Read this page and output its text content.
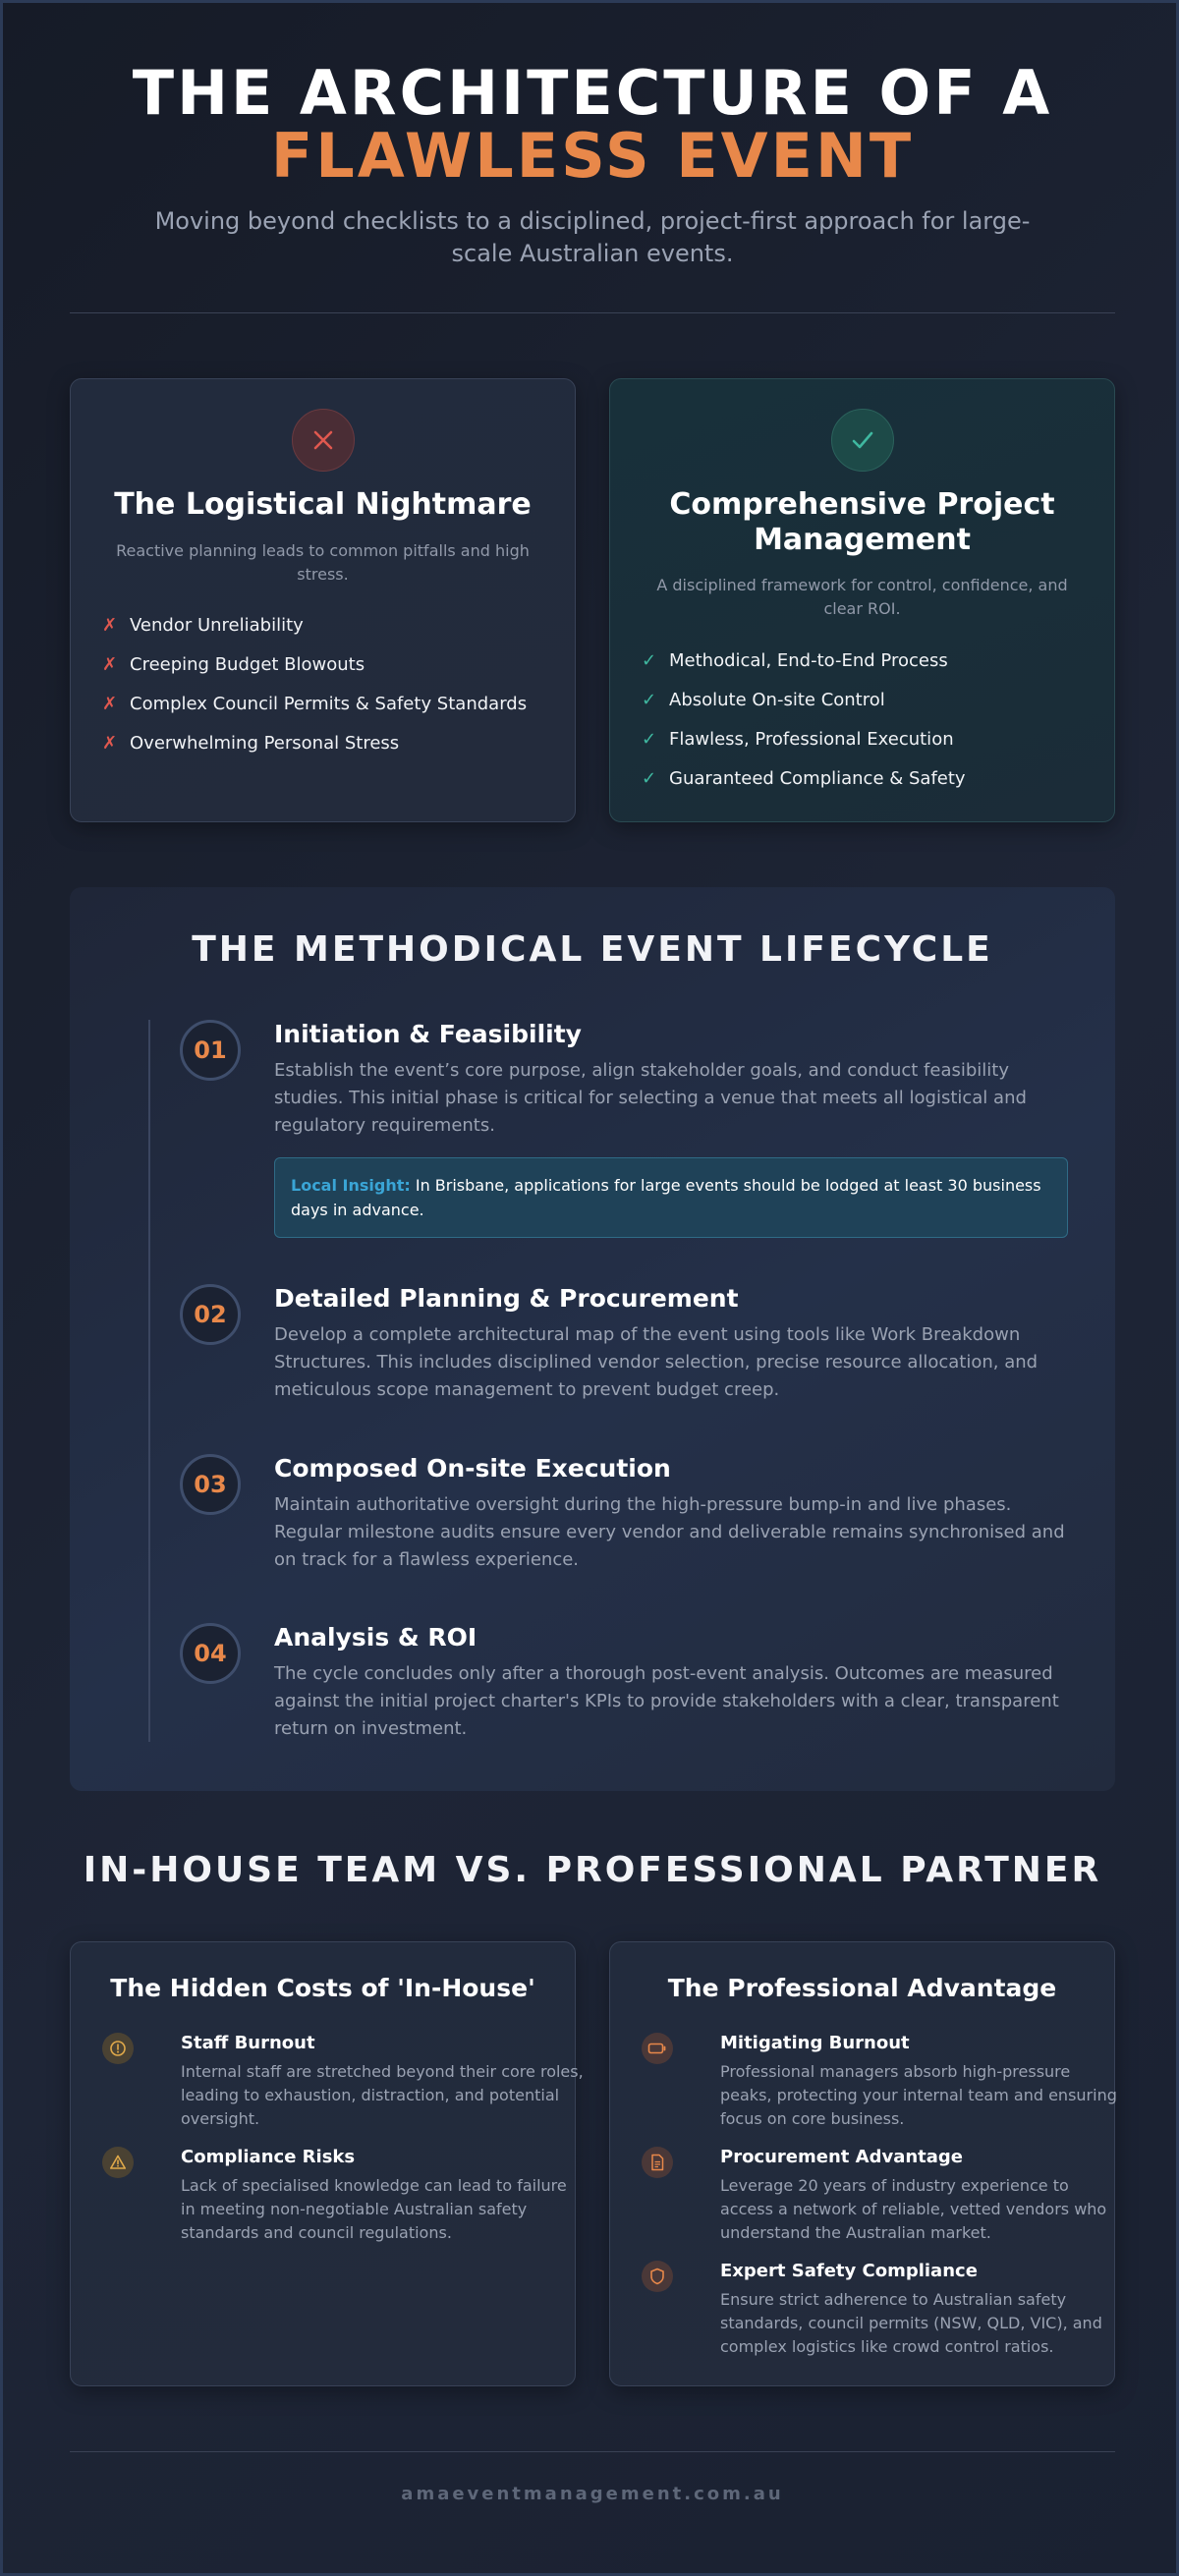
THE ARCHITECTURE OF A
FLAWLESS EVENT
Moving beyond checklists to a disciplined, project-first approach for large-scale Australian events.
The Logistical Nightmare
Reactive planning leads to common pitfalls and high stress.
✗ Vendor Unreliability
✗ Creeping Budget Blowouts
✗ Complex Council Permits & Safety Standards
✗ Overwhelming Personal Stress
Comprehensive Project Management
A disciplined framework for control, confidence, and clear ROI.
✓ Methodical, End-to-End Process
✓ Absolute On-site Control
✓ Flawless, Professional Execution
✓ Guaranteed Compliance & Safety
THE METHODICAL EVENT LIFECYCLE
01
Initiation & Feasibility
Establish the event’s core purpose, align stakeholder goals, and conduct feasibility studies. This initial phase is critical for selecting a venue that meets all logistical and regulatory requirements.
Local Insight: In Brisbane, applications for large events should be lodged at least 30 business days in advance.
02
Detailed Planning & Procurement
Develop a complete architectural map of the event using tools like Work Breakdown Structures. This includes disciplined vendor selection, precise resource allocation, and meticulous scope management to prevent budget creep.
03
Composed On-site Execution
Maintain authoritative oversight during the high-pressure bump-in and live phases. Regular milestone audits ensure every vendor and deliverable remains synchronised and on track for a flawless experience.
04
Analysis & ROI
The cycle concludes only after a thorough post-event analysis. Outcomes are measured against the initial project charter's KPIs to provide stakeholders with a clear, transparent return on investment.
IN-HOUSE TEAM VS. PROFESSIONAL PARTNER
The Hidden Costs of 'In-House'
Staff Burnout
Internal staff are stretched beyond their core roles, leading to exhaustion, distraction, and potential oversight.
Compliance Risks
Lack of specialised knowledge can lead to failure in meeting non-negotiable Australian safety standards and council regulations.
The Professional Advantage
Mitigating Burnout
Professional managers absorb high-pressure peaks, protecting your internal team and ensuring focus on core business.
Procurement Advantage
Leverage 20 years of industry experience to access a network of reliable, vetted vendors who understand the Australian market.
Expert Safety Compliance
Ensure strict adherence to Australian safety standards, council permits (NSW, QLD, VIC), and complex logistics like crowd control ratios.
amaeventmanagement.com.au
